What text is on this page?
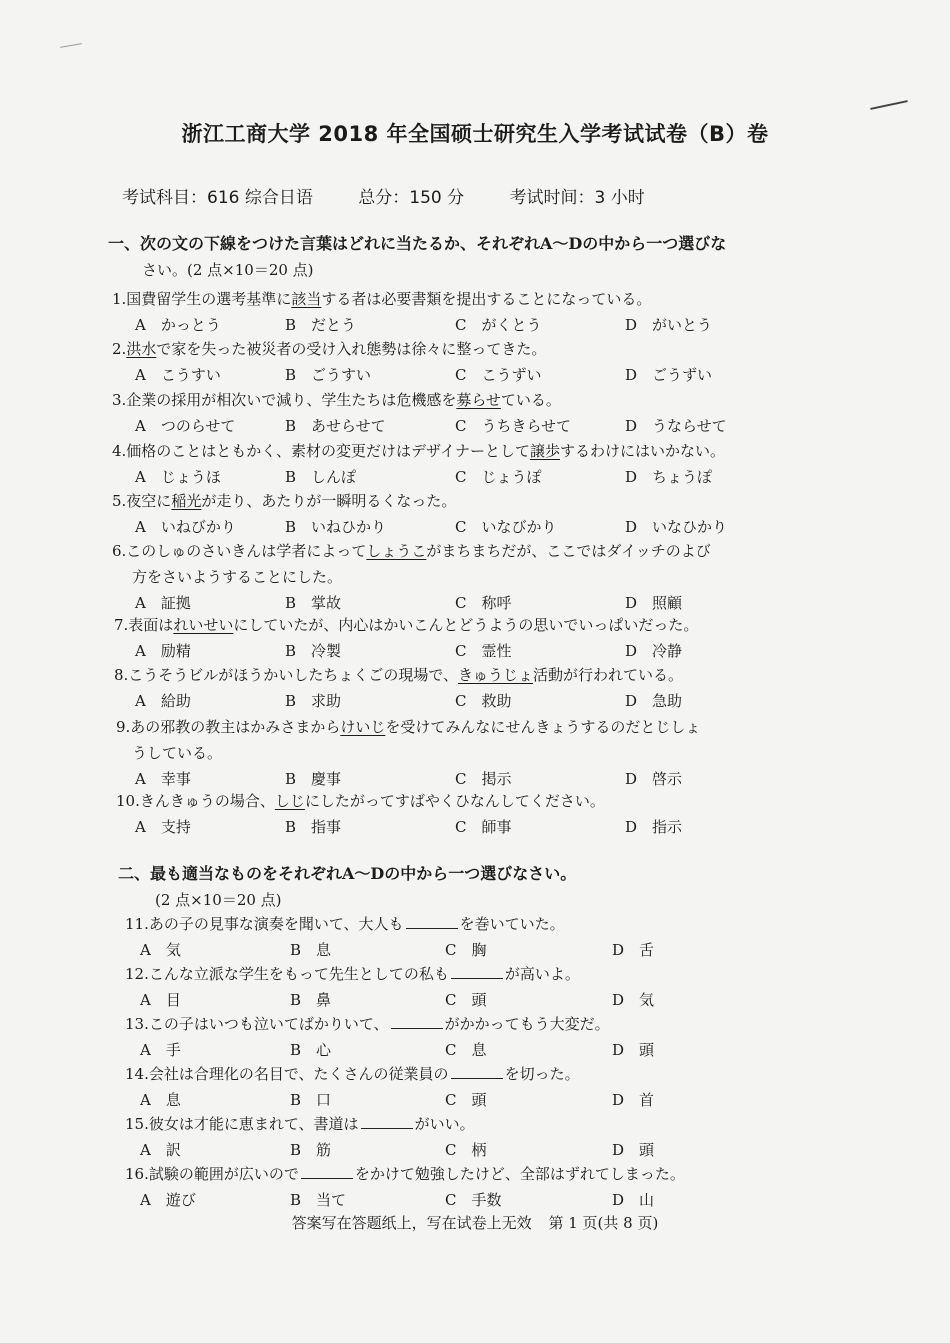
浙江工商大学 2018 年全国硕士研究生入学考试试卷（B）卷
考试科目：616 综合日语	总分：150 分	考试时间：3 小时
一、次の文の下線をつけた言葉はどれに当たるか、それぞれA～Dの中から一つ選びな
さい。(2 点×10＝20 点)
1.国費留学生の選考基準に該当する者は必要書類を提出することになっている。
A　かっとう	B　だとう	C　がくとう	D　がいとう
2.洪水で家を失った被災者の受け入れ態勢は徐々に整ってきた。
A　こうすい	B　ごうすい	C　こうずい	D　ごうずい
3.企業の採用が相次いで減り、学生たちは危機感を募らせている。
A　つのらせて	B　あせらせて	C　うちきらせて	D　うならせて
4.価格のことはともかく、素材の変更だけはデザイナーとして譲歩するわけにはいかない。
A　じょうほ	B　しんぽ	C　じょうぽ	D　ちょうぽ
5.夜空に稲光が走り、あたりが一瞬明るくなった。
A　いねびかり	B　いねひかり	C　いなびかり	D　いなひかり
6.このしゅのさいきんは学者によってしょうこがまちまちだが、ここではダイッチのよび
方をさいようすることにした。
A　証拠	B　掌故	C　称呼	D　照顧
7.表面はれいせいにしていたが、内心はかいこんとどうようの思いでいっぱいだった。
A　励精	B　冷製	C　霊性	D　冷静
8.こうそうビルがほうかいしたちょくごの現場で、きゅうじょ活動が行われている。
A　給助	B　求助	C　救助	D　急助
9.あの邪教の教主はかみさまからけいじを受けてみんなにせんきょうするのだとじしょ
うしている。
A　幸事	B　慶事	C　掲示	D　啓示
10.きんきゅうの場合、しじにしたがってすばやくひなんしてください。
A　支持	B　指事	C　師事	D　指示
11.あの子の見事な演奏を聞いて、大人も	を巻いていた。
A　気	B　息	C　胸	D　舌
12.こんな立派な学生をもって先生としての私も	が高いよ。
A　目	B　鼻	C　頭	D　気
13.この子はいつも泣いてばかりいて、	がかかってもう大変だ。
A　手	B　心	C　息	D　頭
14.会社は合理化の名目で、たくさんの従業員の	を切った。
A　息	B　口	C　頭	D　首
15.彼女は才能に恵まれて、書道は	がいい。
A　訳	B　筋	C　柄	D　頭
16.試験の範囲が広いので	をかけて勉強したけど、全部はずれてしまった。
A　遊び	B　当て	C　手数	D　山
二、最も適当なものをそれぞれA～Dの中から一つ選びなさい。
(2 点×10＝20 点)
答案写在答题纸上，写在试卷上无效 第 1 页(共 8 页)
